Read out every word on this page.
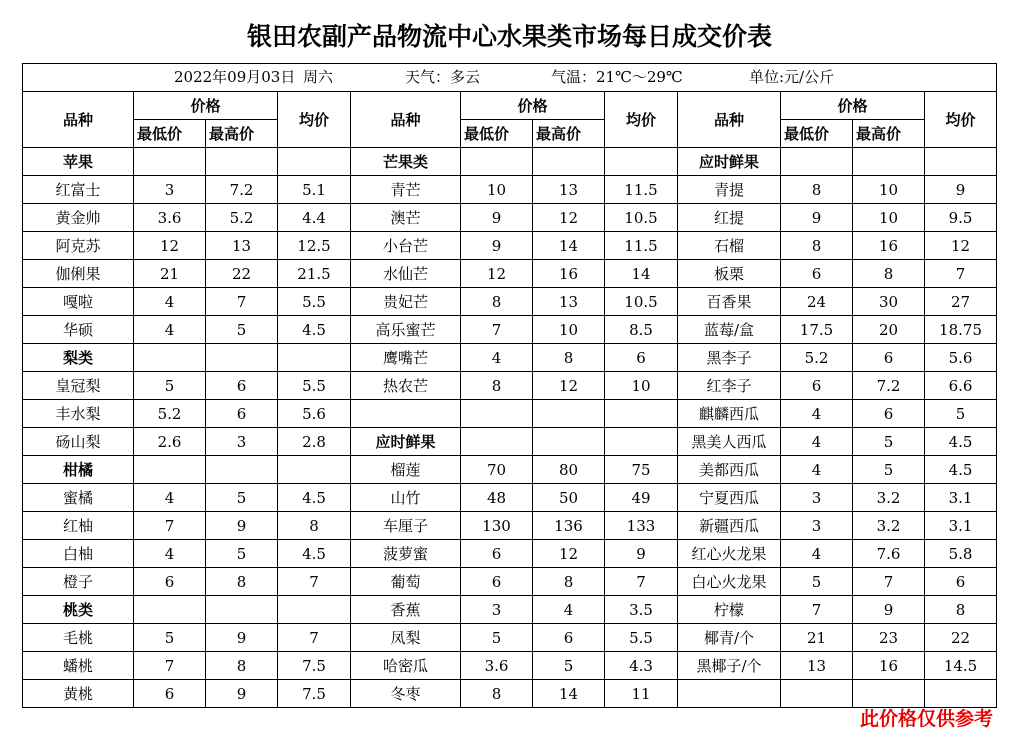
银田农副产品物流中心水果类市场每日成交价表
2022年09月03日 周六 天气：多云 气温：21℃～29℃ 单位:元/公斤											

品种	价格		均价	品种	价格		均价	品种	价格		均价
	最低价	最高价			最低价	最高价			最低价	最高价	
苹果				芒果类				应时鲜果			
红富士	3	7.2	5.1	青芒	10	13	11.5	青提	8	10	9
黄金帅	3.6	5.2	4.4	澳芒	9	12	10.5	红提	9	10	9.5
阿克苏	12	13	12.5	小台芒	9	14	11.5	石榴	8	16	12
伽俐果	21	22	21.5	水仙芒	12	16	14	板栗	6	8	7
嘎啦	4	7	5.5	贵妃芒	8	13	10.5	百香果	24	30	27
华硕	4	5	4.5	高乐蜜芒	7	10	8.5	蓝莓/盒	17.5	20	18.75
梨类				鹰嘴芒	4	8	6	黑李子	5.2	6	5.6
皇冠梨	5	6	5.5	热农芒	8	12	10	红李子	6	7.2	6.6
丰水梨	5.2	6	5.6					麒麟西瓜	4	6	5
砀山梨	2.6	3	2.8	应时鲜果				黑美人西瓜	4	5	4.5
柑橘				榴莲	70	80	75	美都西瓜	4	5	4.5
蜜橘	4	5	4.5	山竹	48	50	49	宁夏西瓜	3	3.2	3.1
红柚	7	9	8	车厘子	130	136	133	新疆西瓜	3	3.2	3.1
白柚	4	5	4.5	菠萝蜜	6	12	9	红心火龙果	4	7.6	5.8
橙子	6	8	7	葡萄	6	8	7	白心火龙果	5	7	6
桃类				香蕉	3	4	3.5	柠檬	7	9	8
毛桃	5	9	7	凤梨	5	6	5.5	椰青/个	21	23	22
蟠桃	7	8	7.5	哈密瓜	3.6	5	4.3	黑椰子/个	13	16	14.5
黄桃	6	9	7.5	冬枣	8	14	11				
此价格仅供参考
